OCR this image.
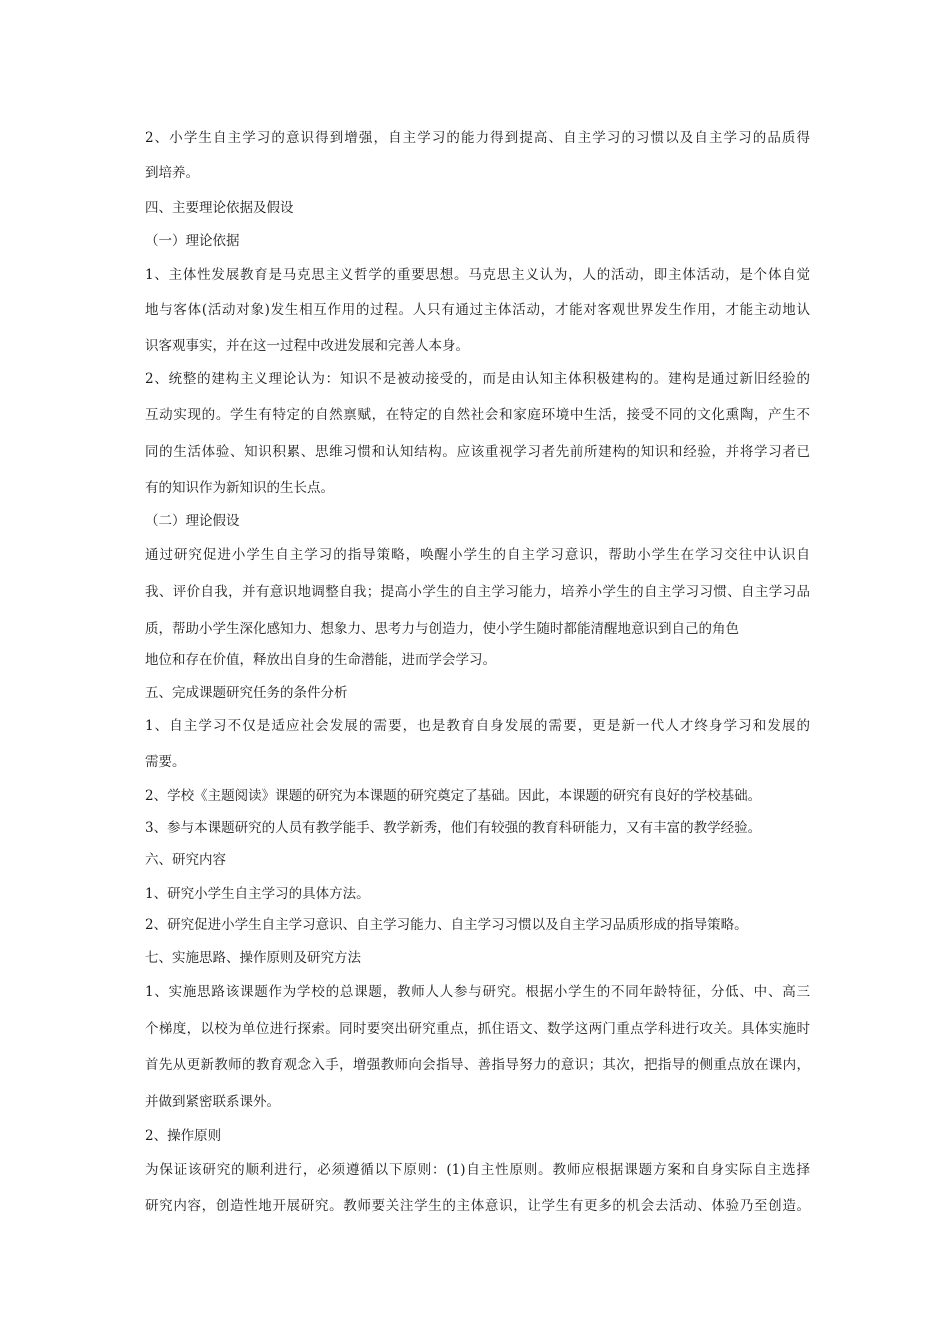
2、小学生自主学习的意识得到增强，自主学习的能力得到提高、自主学习的习惯以及自主学习的品质得
到培养。
四、主要理论依据及假设
（一）理论依据
1、主体性发展教育是马克思主义哲学的重要思想。马克思主义认为，人的活动，即主体活动，是个体自觉
地与客体(活动对象)发生相互作用的过程。人只有通过主体活动，才能对客观世界发生作用，才能主动地认
识客观事实，并在这一过程中改进发展和完善人本身。
2、统整的建构主义理论认为：知识不是被动接受的，而是由认知主体积极建构的。建构是通过新旧经验的
互动实现的。学生有特定的自然禀赋，在特定的自然社会和家庭环境中生活，接受不同的文化熏陶，产生不
同的生活体验、知识积累、思维习惯和认知结构。应该重视学习者先前所建构的知识和经验，并将学习者已
有的知识作为新知识的生长点。
（二）理论假设
通过研究促进小学生自主学习的指导策略，唤醒小学生的自主学习意识，帮助小学生在学习交往中认识自
我、评价自我，并有意识地调整自我；提高小学生的自主学习能力，培养小学生的自主学习习惯、自主学习品
质，帮助小学生深化感知力、想象力、思考力与创造力，使小学生随时都能清醒地意识到自己的角色
地位和存在价值，释放出自身的生命潜能，进而学会学习。
五、完成课题研究任务的条件分析
1、自主学习不仅是适应社会发展的需要，也是教育自身发展的需要，更是新一代人才终身学习和发展的
需要。
2、学校《主题阅读》课题的研究为本课题的研究奠定了基础。因此，本课题的研究有良好的学校基础。
3、参与本课题研究的人员有教学能手、教学新秀，他们有较强的教育科研能力，又有丰富的教学经验。
六、研究内容
1、研究小学生自主学习的具体方法。
2、研究促进小学生自主学习意识、自主学习能力、自主学习习惯以及自主学习品质形成的指导策略。
七、实施思路、操作原则及研究方法
1、实施思路该课题作为学校的总课题，教师人人参与研究。根据小学生的不同年龄特征，分低、中、高三
个梯度，以校为单位进行探索。同时要突出研究重点，抓住语文、数学这两门重点学科进行攻关。具体实施时
首先从更新教师的教育观念入手，增强教师向会指导、善指导努力的意识；其次，把指导的侧重点放在课内，
并做到紧密联系课外。
2、操作原则
为保证该研究的顺利进行，必须遵循以下原则：(1)自主性原则。教师应根据课题方案和自身实际自主选择
研究内容，创造性地开展研究。教师要关注学生的主体意识，让学生有更多的机会去活动、体验乃至创造。
